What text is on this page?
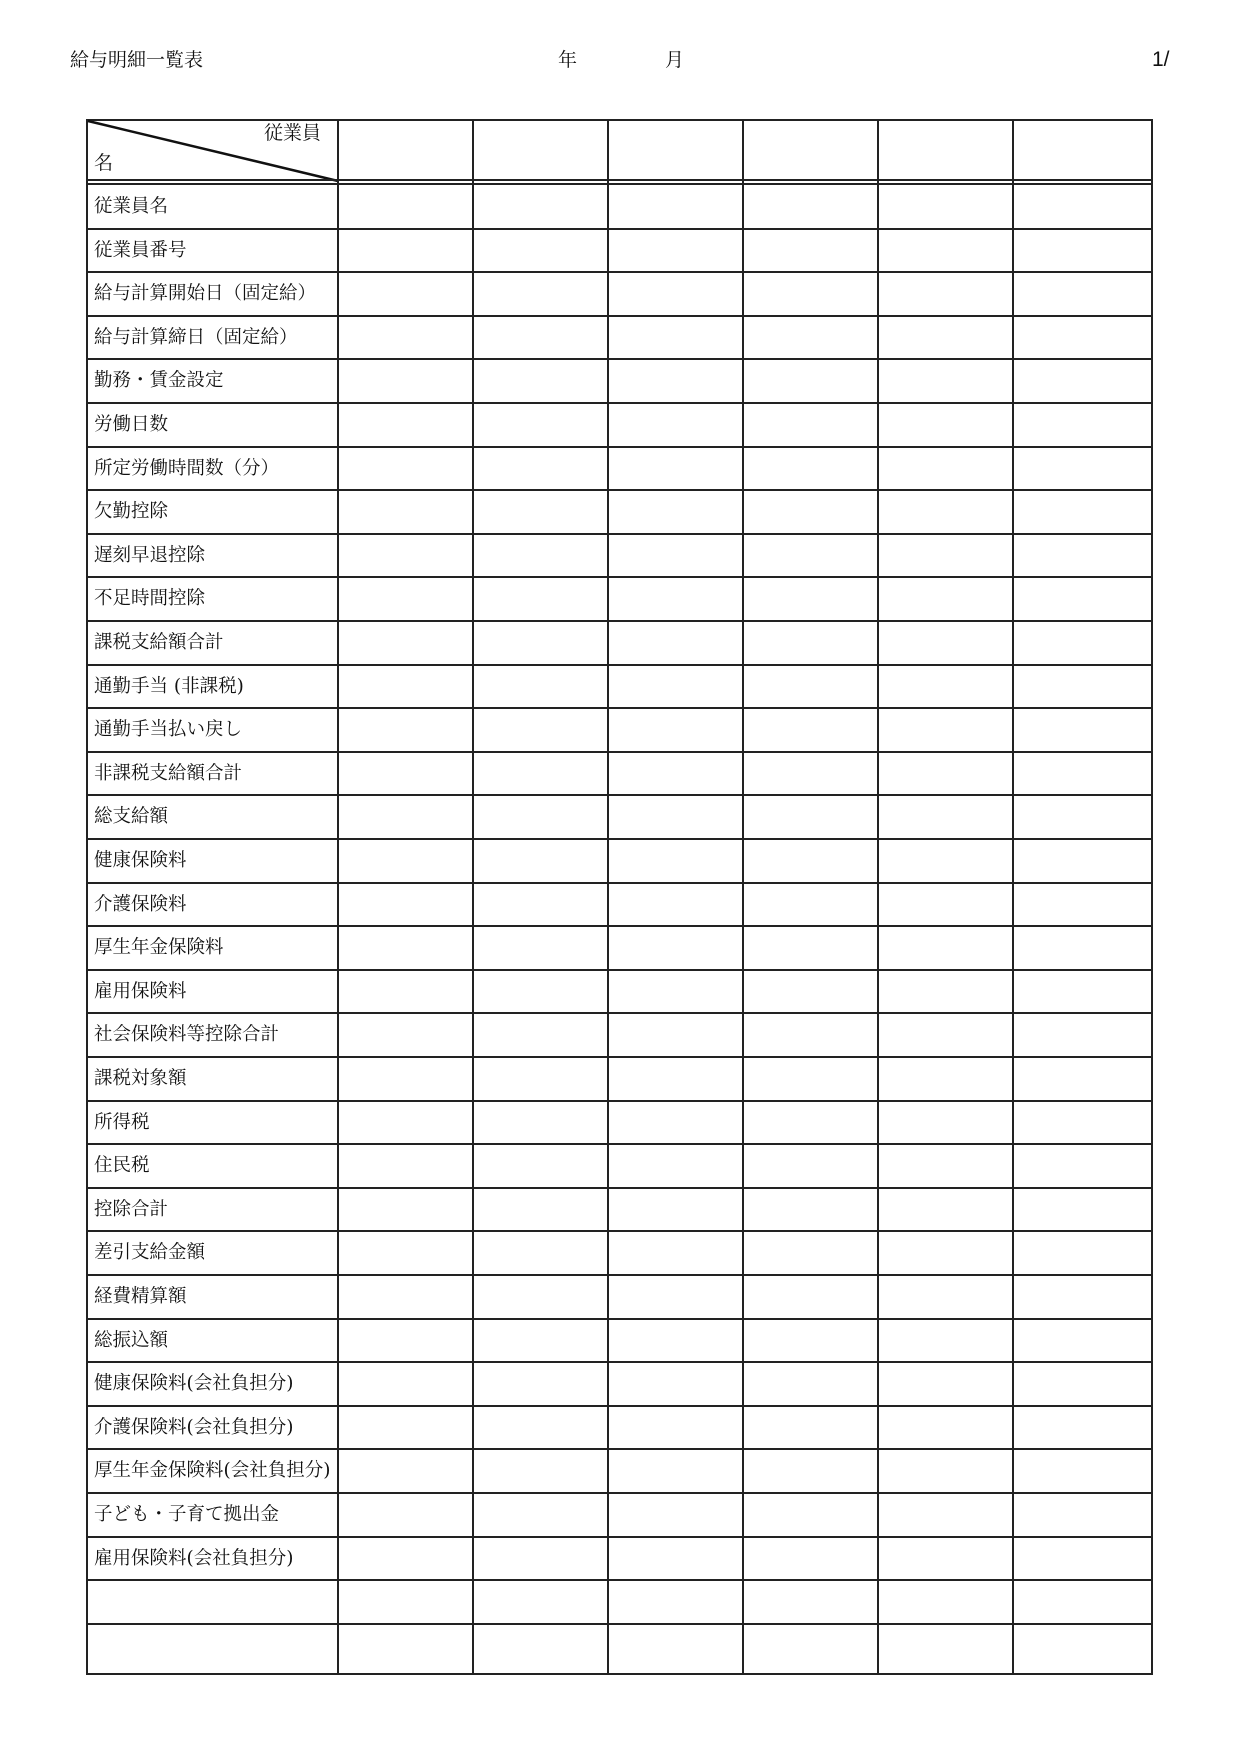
給与明細一覧表	年	月	1/
従業員
名
従業員名
従業員番号
給与計算開始日（固定給）
給与計算締日（固定給）
勤務・賃金設定
労働日数
所定労働時間数（分）
欠勤控除
遅刻早退控除
不足時間控除
課税支給額合計
通勤手当 (非課税)
通勤手当払い戻し
非課税支給額合計
総支給額
健康保険料
介護保険料
厚生年金保険料
雇用保険料
社会保険料等控除合計
課税対象額
所得税
住民税
控除合計
差引支給金額
経費精算額
総振込額
健康保険料(会社負担分)
介護保険料(会社負担分)
厚生年金保険料(会社負担分)
子ども・子育て拠出金
雇用保険料(会社負担分)
